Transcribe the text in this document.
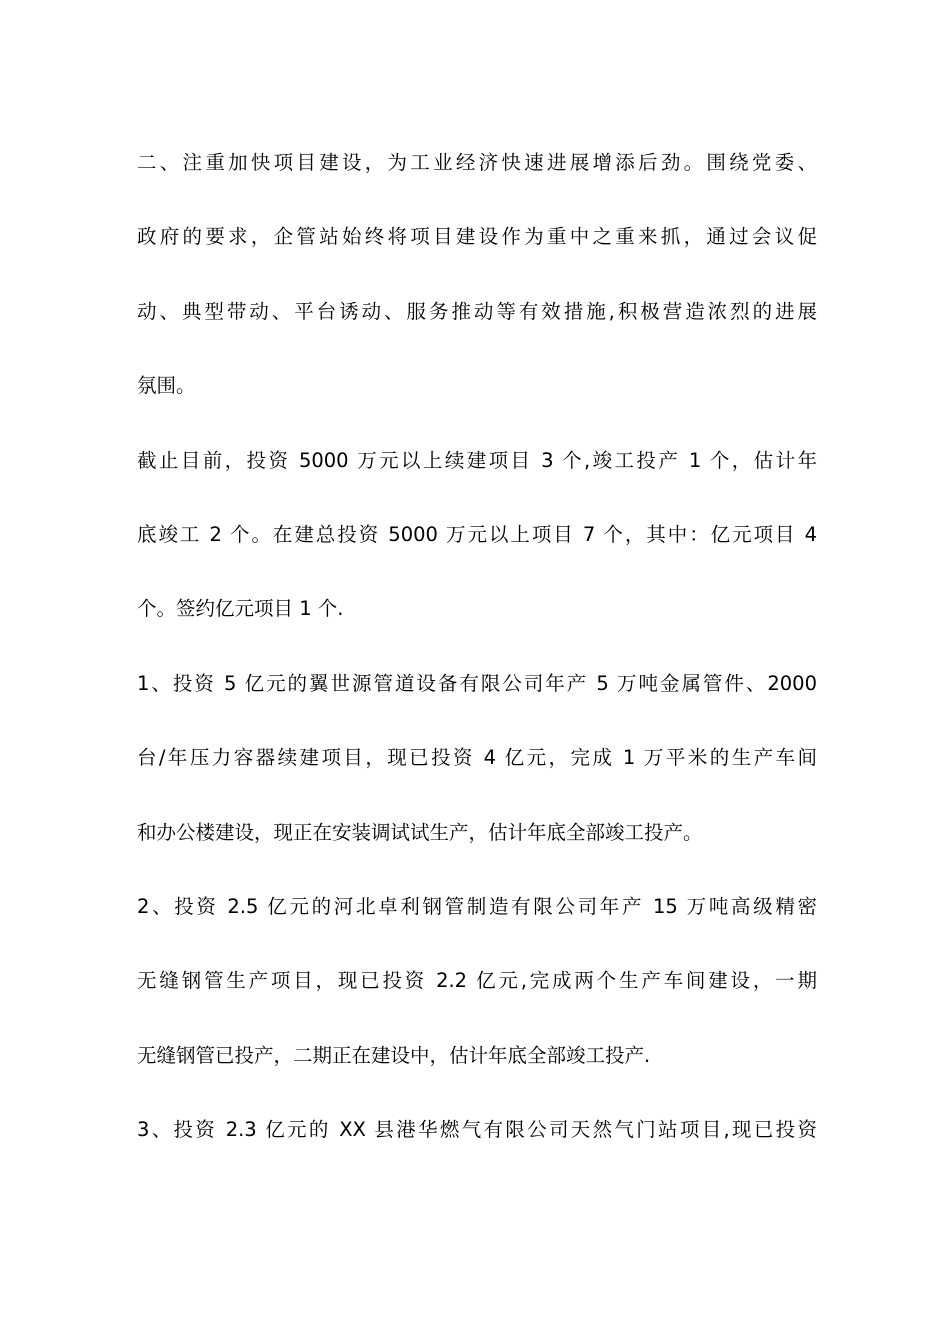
二、注重加快项目建设，为工业经济快速进展增添后劲。围绕党委、
政府的要求，企管站始终将项目建设作为重中之重来抓，通过会议促
动、典型带动、平台诱动、服务推动等有效措施,积极营造浓烈的进展
氛围。
截止目前，投资 5000 万元以上续建项目 3 个,竣工投产 1 个，估计年
底竣工 2 个。在建总投资 5000 万元以上项目 7 个，其中：亿元项目 4
个。签约亿元项目 1 个.
1、投资 5 亿元的翼世源管道设备有限公司年产 5 万吨金属管件、2000
台/年压力容器续建项目，现已投资 4 亿元，完成 1 万平米的生产车间
和办公楼建设，现正在安装调试试生产，估计年底全部竣工投产。
2、投资 2.5 亿元的河北卓利钢管制造有限公司年产 15 万吨高级精密
无缝钢管生产项目，现已投资 2.2 亿元,完成两个生产车间建设，一期
无缝钢管已投产，二期正在建设中，估计年底全部竣工投产.
3、投资 2.3 亿元的 XX 县港华燃气有限公司天然气门站项目,现已投资
